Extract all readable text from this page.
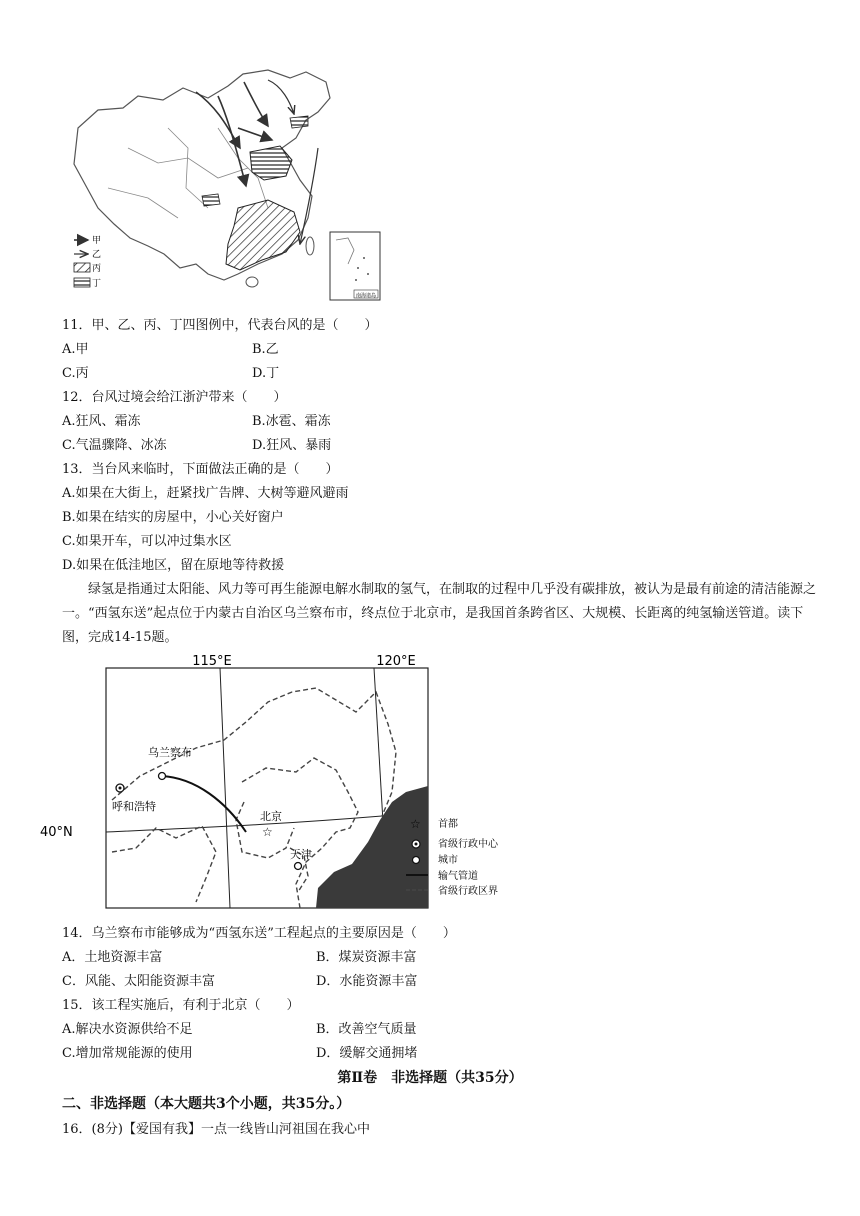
南海诸岛
甲
乙
丙
丁
11．甲、乙、丙、丁四图例中，代表台风的是（　　）
A.甲	B.乙
C.丙	D.丁
12．台风过境会给江浙沪带来（　　）
A.狂风、霜冻	B.冰雹、霜冻
C.气温骤降、冰冻	D.狂风、暴雨
13．当台风来临时，下面做法正确的是（　　）
A.如果在大街上，赶紧找广告牌、大树等避风避雨
B.如果在结实的房屋中，小心关好窗户
C.如果开车，可以冲过集水区
D.如果在低洼地区，留在原地等待救援
绿氢是指通过太阳能、风力等可再生能源电解水制取的氢气，在制取的过程中几乎没有碳排放，被认为是最有前途的清洁能源之一。“西氢东送”起点位于内蒙古自治区乌兰察布市，终点位于北京市，是我国首条跨省区、大规模、长距离的纯氢输送管道。读下图，完成14-15题。
115°E	120°E
40°N
乌兰察布
呼和浩特
☆
北京
天津
☆ 首都
省级行政中心
城市
输气管道
省级行政区界
14．乌兰察布市能够成为“西氢东送”工程起点的主要原因是（　　）
A．土地资源丰富	B．煤炭资源丰富
C．风能、太阳能资源丰富	D．水能资源丰富
15．该工程实施后，有利于北京（　　）
A.解决水资源供给不足	B．改善空气质量
C.增加常规能源的使用	D．缓解交通拥堵
第Ⅱ卷　非选择题（共35分）
二、非选择题（本大题共3个小题，共35分。）
16．(8分)【爱国有我】一点一线皆山河祖国在我心中
